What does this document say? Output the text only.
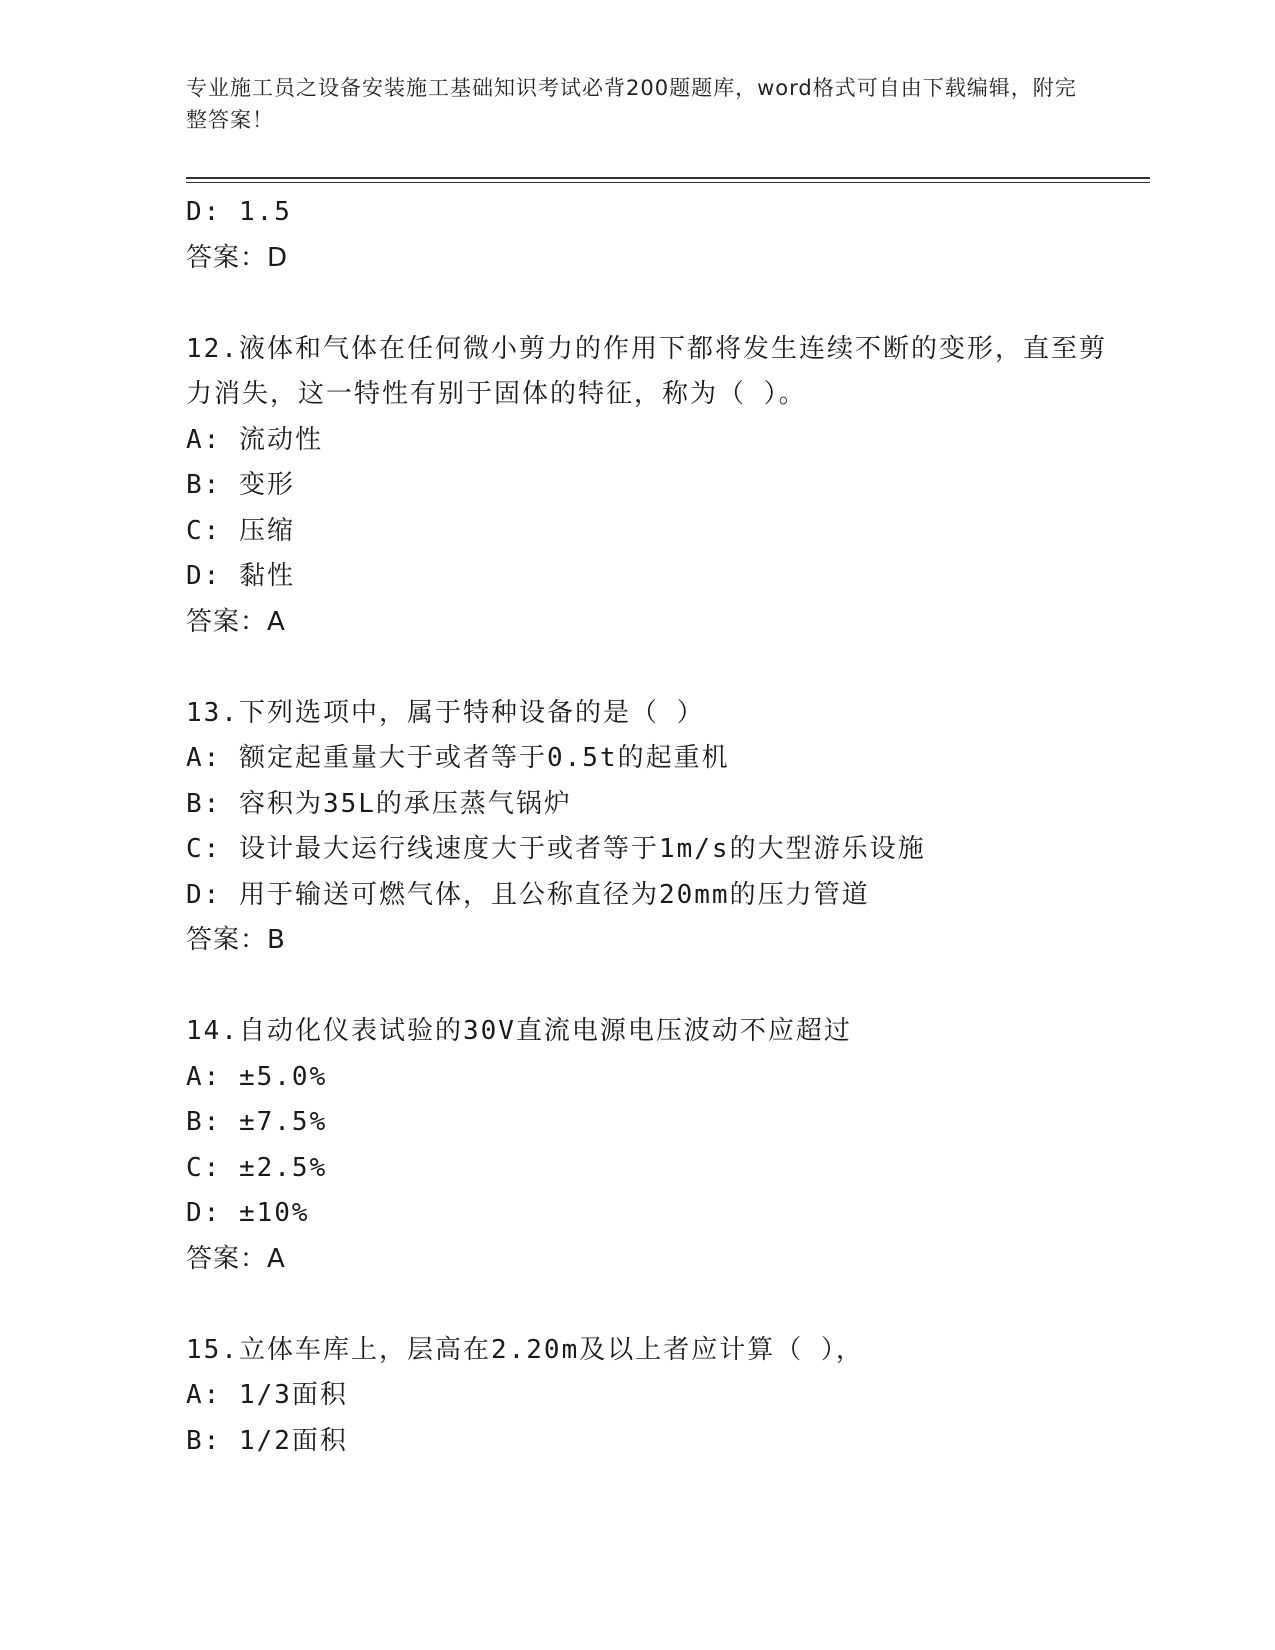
专业施工员之设备安装施工基础知识考试必背200题题库，word格式可自由下载编辑，附完整答案！
D: 1.5
答案：D
12.液体和气体在任何微小剪力的作用下都将发生连续不断的变形，直至剪力消失，这一特性有别于固体的特征，称为（ ）。
A: 流动性
B: 变形
C: 压缩
D: 黏性
答案：A
13.下列选项中，属于特种设备的是（ ）
A: 额定起重量大于或者等于0.5t的起重机
B: 容积为35L的承压蒸气锅炉
C: 设计最大运行线速度大于或者等于1m/s的大型游乐设施
D: 用于输送可燃气体，且公称直径为20mm的压力管道
答案：B
14.自动化仪表试验的30V直流电源电压波动不应超过
A: ±5.0%
B: ±7.5%
C: ±2.5%
D: ±10%
答案：A
15.立体车库上，层高在2.20m及以上者应计算（ ），
A: 1/3面积
B: 1/2面积
